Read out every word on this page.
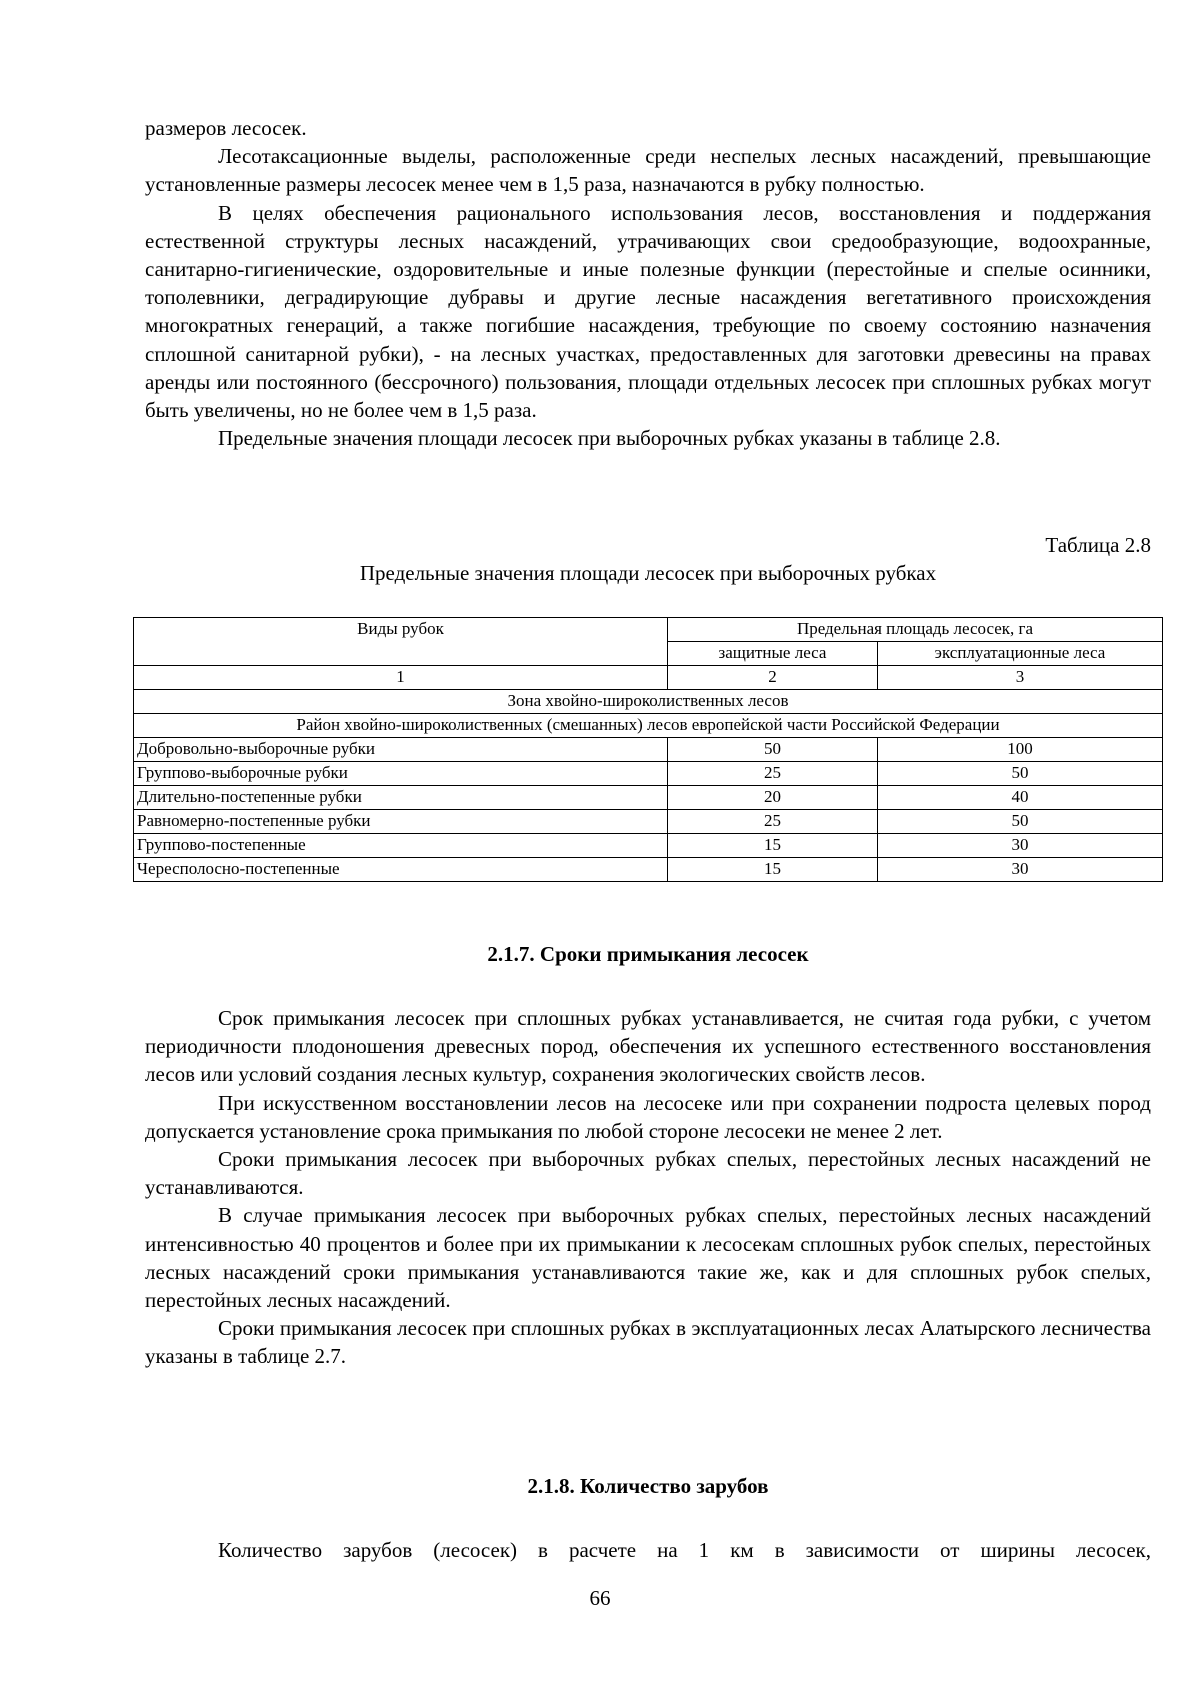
размеров лесосек.

Лесотаксационные выделы, расположенные среди неспелых лесных насаждений, превышающие установленные размеры лесосек менее чем в 1,5 раза, назначаются в рубку полностью.

В целях обеспечения рационального использования лесов, восстановления и поддержания естественной структуры лесных насаждений, утрачивающих свои средообразующие, водоохранные, санитарно-гигиенические, оздоровительные и иные полезные функции (перестойные и спелые осинники, тополевники, деградирующие дубравы и другие лесные насаждения вегетативного происхождения многократных генераций, а также погибшие насаждения, требующие по своему состоянию назначения сплошной санитарной рубки), - на лесных участках, предоставленных для заготовки древесины на правах аренды или постоянного (бессрочного) пользования, площади отдельных лесосек при сплошных рубках могут быть увеличены, но не более чем в 1,5 раза.

Предельные значения площади лесосек при выборочных рубках указаны в таблице 2.8.

Таблица 2.8

Предельные значения площади лесосек при выборочных рубках

Виды рубок	Предельная площадь лесосек, га	
	защитные леса	эксплуатационные леса
1	2	3
Зона хвойно-широколиственных лесов		
Район хвойно-широколиственных (смешанных) лесов европейской части Российской Федерации		
Добровольно-выборочные рубки	50	100
Группово-выборочные рубки	25	50
Длительно-постепенные рубки	20	40
Равномерно-постепенные рубки	25	50
Группово-постепенные	15	30
Чересполосно-постепенные	15	30

2.1.7. Сроки примыкания лесосек

Срок примыкания лесосек при сплошных рубках устанавливается, не считая года рубки, с учетом периодичности плодоношения древесных пород, обеспечения их успешного естественного восстановления лесов или условий создания лесных культур, сохранения экологических свойств лесов.

При искусственном восстановлении лесов на лесосеке или при сохранении подроста целевых пород допускается установление срока примыкания по любой стороне лесосеки не менее 2 лет.

Сроки примыкания лесосек при выборочных рубках спелых, перестойных лесных насаждений не устанавливаются.

В случае примыкания лесосек при выборочных рубках спелых, перестойных лесных насаждений интенсивностью 40 процентов и более при их примыкании к лесосекам сплошных рубок спелых, перестойных лесных насаждений сроки примыкания устанавливаются такие же, как и для сплошных рубок спелых, перестойных лесных насаждений.

Сроки примыкания лесосек при сплошных рубках в эксплуатационных лесах Алатырского лесничества указаны в таблице 2.7.

2.1.8. Количество зарубов

Количество зарубов (лесосек) в расчете на 1 км в зависимости от ширины лесосек,

66
